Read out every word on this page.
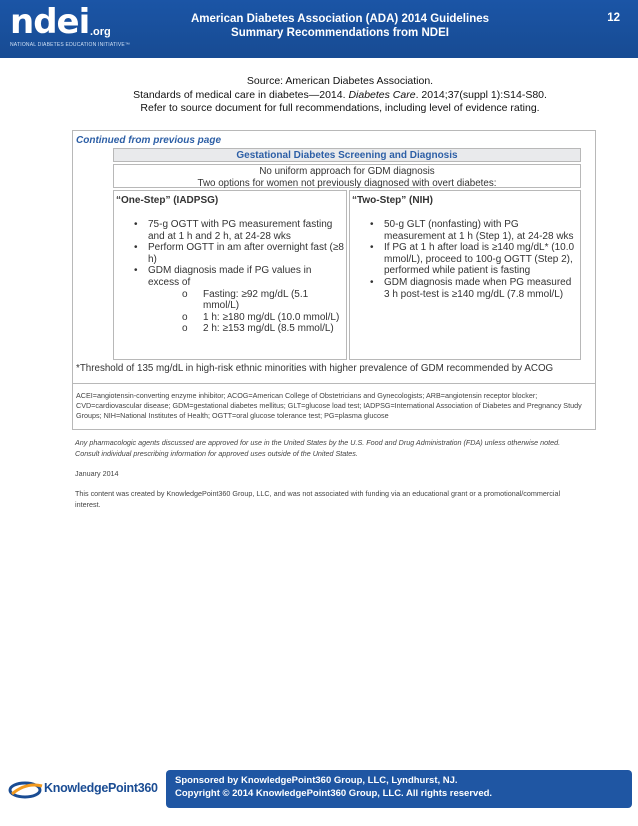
ndei .org
NATIONAL DIABETES EDUCATION INITIATIVE™
American Diabetes Association (ADA) 2014 Guidelines
Summary Recommendations from NDEI
12
Source: American Diabetes Association.
Standards of medical care in diabetes—2014. Diabetes Care. 2014;37(suppl 1):S14-S80.
Refer to source document for full recommendations, including level of evidence rating.
Continued from previous page
Gestational Diabetes Screening and Diagnosis
No uniform approach for GDM diagnosis
Two options for women not previously diagnosed with overt diabetes:
“One-Step” (IADPSG)
• 75-g OGTT with PG measurement fasting and at 1 h and 2 h, at 24-28 wks
• Perform OGTT in am after overnight fast (≥8 h)
• GDM diagnosis made if PG values in excess of
o Fasting: ≥92 mg/dL (5.1 mmol/L)
o 1 h: ≥180 mg/dL (10.0 mmol/L)
o 2 h: ≥153 mg/dL (8.5 mmol/L)
“Two-Step” (NIH)
• 50-g GLT (nonfasting) with PG measurement at 1 h (Step 1), at 24-28 wks
• If PG at 1 h after load is ≥140 mg/dL* (10.0 mmol/L), proceed to 100-g OGTT (Step 2), performed while patient is fasting
• GDM diagnosis made when PG measured 3 h post-test is ≥140 mg/dL (7.8 mmol/L)
*Threshold of 135 mg/dL in high-risk ethnic minorities with higher prevalence of GDM recommended by ACOG
ACEI=angiotensin-converting enzyme inhibitor; ACOG=American College of Obstetricians and Gynecologists; ARB=angiotensin receptor blocker; CVD=cardiovascular disease; GDM=gestational diabetes mellitus; GLT=glucose load test; IADPSG=International Association of Diabetes and Pregnancy Study Groups; NIH=National Institutes of Health; OGTT=oral glucose tolerance test; PG=plasma glucose
Any pharmacologic agents discussed are approved for use in the United States by the U.S. Food and Drug Administration (FDA) unless otherwise noted. Consult individual prescribing information for approved uses outside of the United States.
January 2014
This content was created by KnowledgePoint360 Group, LLC, and was not associated with funding via an educational grant or a promotional/commercial interest.
KnowledgePoint360
Sponsored by KnowledgePoint360 Group, LLC, Lyndhurst, NJ.
Copyright © 2014 KnowledgePoint360 Group, LLC. All rights reserved.
